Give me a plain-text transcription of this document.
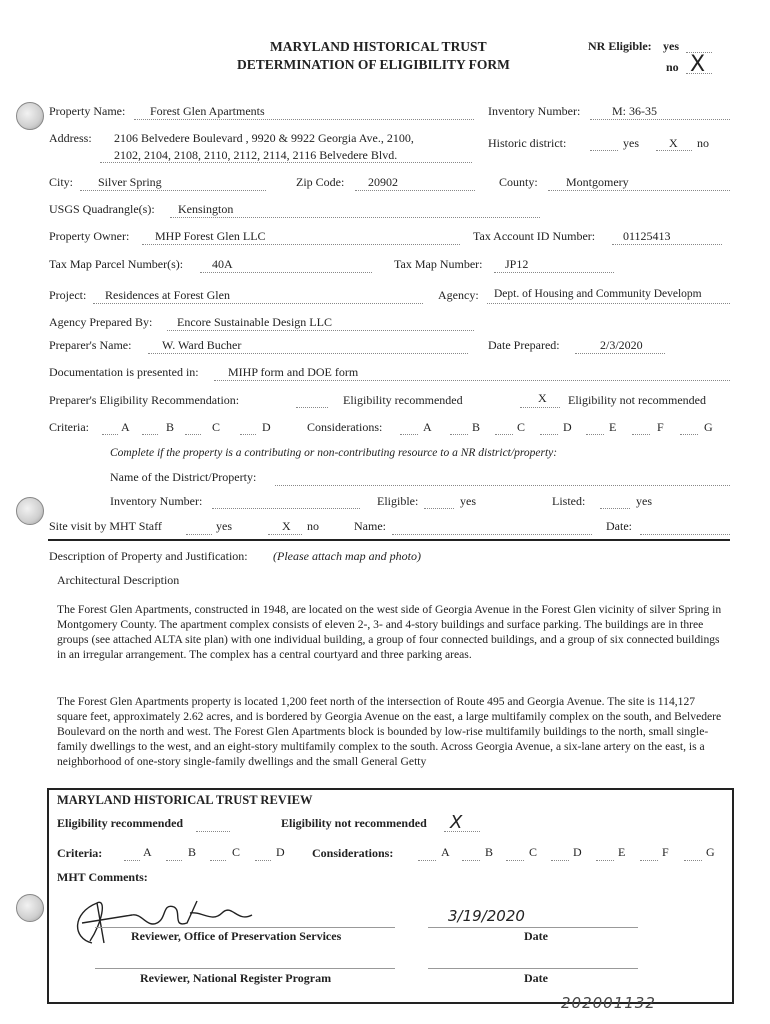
MARYLAND HISTORICAL TRUST
DETERMINATION OF ELIGIBILITY FORM
NR Eligible: yes
no X
Property Name: Forest Glen Apartments	Inventory Number:	M: 36-35
Address: 2106 Belvedere Boulevard , 9920 & 9922 Georgia Ave., 2100,
2102, 2104, 2108, 2110, 2112, 2114, 2116 Belvedere Blvd.
Historic district:	yes	X no
City: Silver Spring	Zip Code: 20902	County: Montgomery
USGS Quadrangle(s): Kensington
Property Owner: MHP Forest Glen LLC	Tax Account ID Number: 01125413
Tax Map Parcel Number(s): 40A	Tax Map Number: JP12
Project: Residences at Forest Glen	Agency: Dept. of Housing and Community Developm
Agency Prepared By: Encore Sustainable Design LLC
Preparer's Name:	W. Ward Bucher	Date Prepared:	2/3/2020
Documentation is presented in: MIHP form and DOE form
Preparer's Eligibility Recommendation:	Eligibility recommended	X Eligibility not recommended
Criteria:	A	B	C	D	Considerations:	A	B	C	D	E	F	G
Complete if the property is a contributing or non-contributing resource to a NR district/property:
Name of the District/Property:
Inventory Number:	Eligible:	yes	Listed:	yes
Site visit by MHT Staff	yes	X no	Name:	Date:
Description of Property and Justification: (Please attach map and photo)
Architectural Description
The Forest Glen Apartments, constructed in 1948, are located on the west side of Georgia Avenue in the Forest Glen vicinity of silver Spring in Montgomery County. The apartment complex consists of eleven 2-, 3- and 4-story buildings and surface parking. The buildings are in three groups (see attached ALTA site plan) with one individual building, a group of four connected buildings, and a group of six connected buildings in an irregular arrangement. The complex has a central courtyard and three parking areas.
The Forest Glen Apartments property is located 1,200 feet north of the intersection of Route 495 and Georgia Avenue. The site is 114,127 square feet, approximately 2.62 acres, and is bordered by Georgia Avenue on the east, a large multifamily complex on the south, and Belvedere Boulevard on the north and west. The Forest Glen Apartments block is bounded by low-rise multifamily buildings to the north, small single-family dwellings to the west, and an eight-story multifamily complex to the south. Across Georgia Avenue, a six-lane artery on the east, is a neighborhood of one-story single-family dwellings and the small General Getty
MARYLAND HISTORICAL TRUST REVIEW
Eligibility recommended	Eligibility not recommended X
Criteria:	A	B	C	D Considerations:	A	B	C	D	E	F	G
MHT Comments:
Reviewer, Office of Preservation Services
3/19/2020
Date
Reviewer, National Register Program	Date
202001132
